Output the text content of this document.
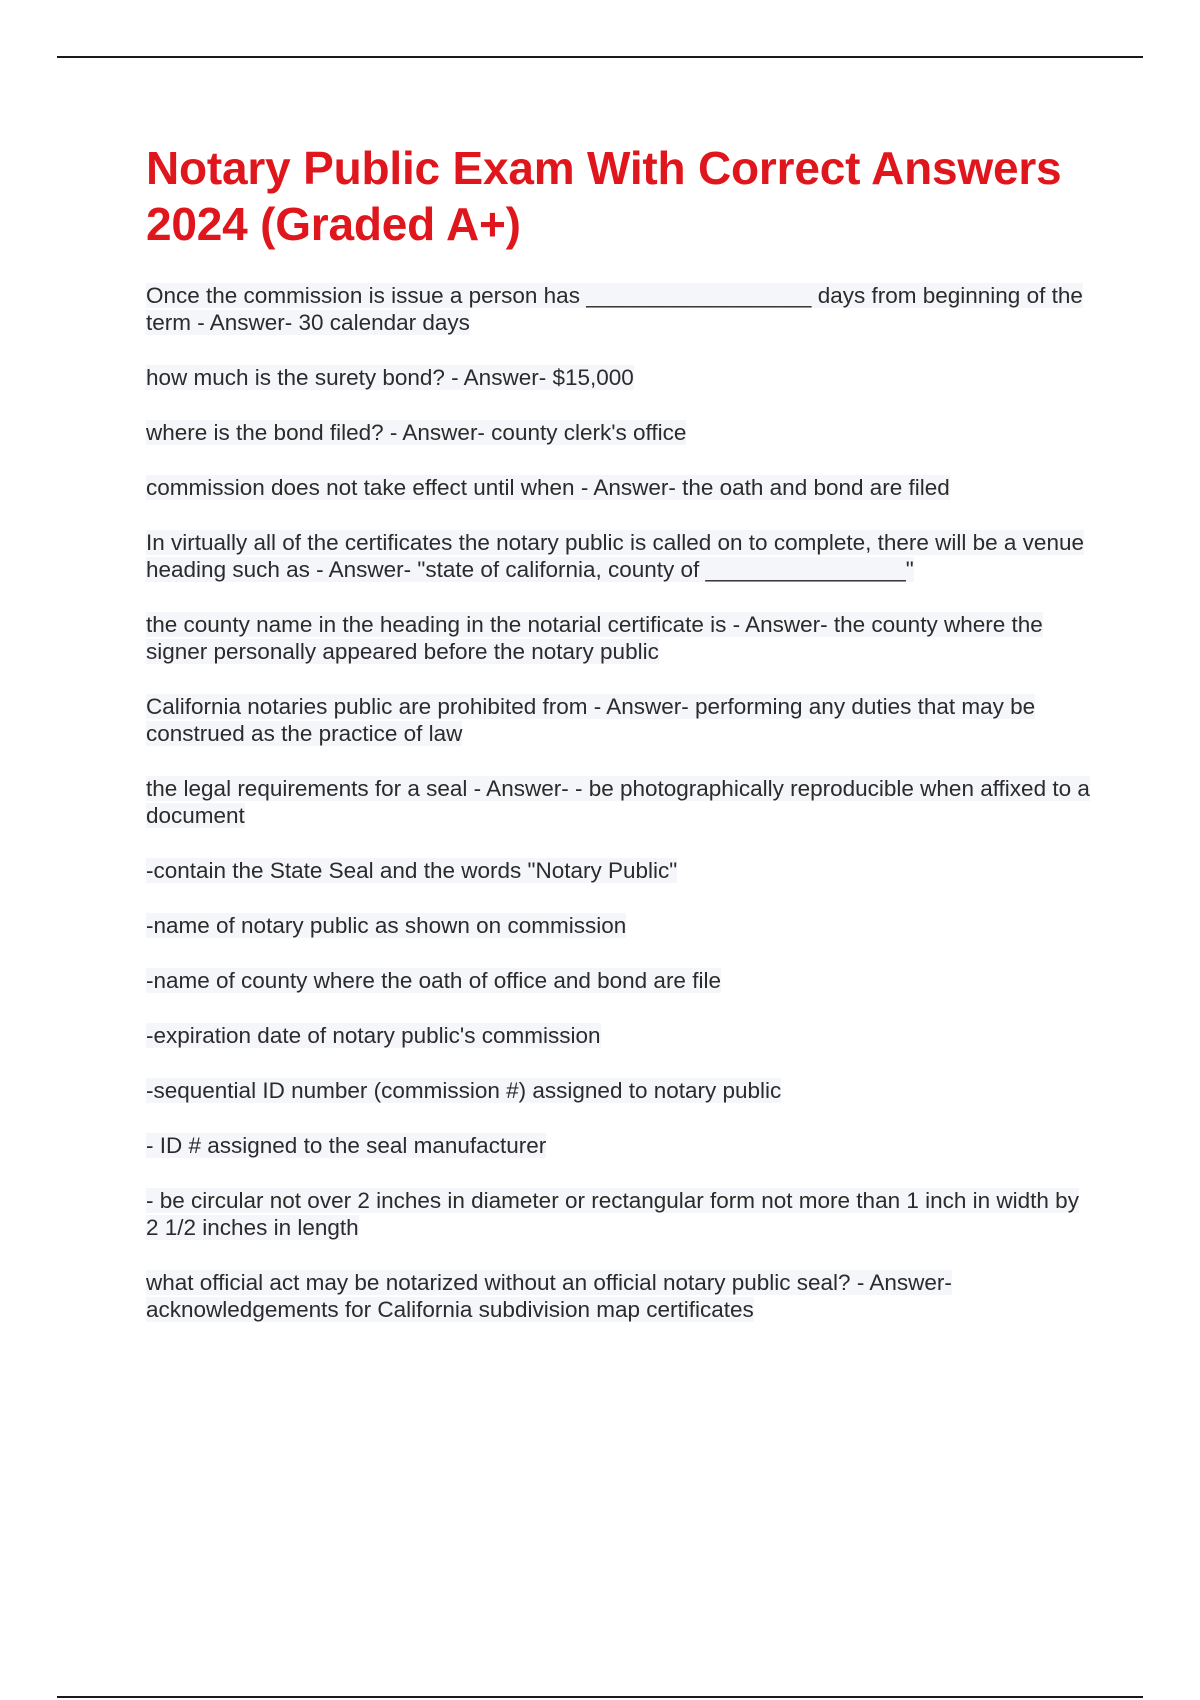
Notary Public Exam With Correct Answers 2024 (Graded A+)
Once the commission is issue a person has __________________ days from beginning of the term - Answer- 30 calendar days
how much is the surety bond? - Answer- $15,000
where is the bond filed? - Answer- county clerk's office
commission does not take effect until when - Answer- the oath and bond are filed
In virtually all of the certificates the notary public is called on to complete, there will be a venue heading such as - Answer- "state of california, county of ________________"
the county name in the heading in the notarial certificate is - Answer- the county where the signer personally appeared before the notary public
California notaries public are prohibited from - Answer- performing any duties that may be construed as the practice of law
the legal requirements for a seal - Answer- - be photographically reproducible when affixed to a document
-contain the State Seal and the words "Notary Public"
-name of notary public as shown on commission
-name of county where the oath of office and bond are file
-expiration date of notary public's commission
-sequential ID number (commission #) assigned to notary public
- ID # assigned to the seal manufacturer
- be circular not over 2 inches in diameter or rectangular form not more than 1 inch in width by 2 1/2 inches in length
what official act may be notarized without an official notary public seal? - Answer- acknowledgements for California subdivision map certificates
